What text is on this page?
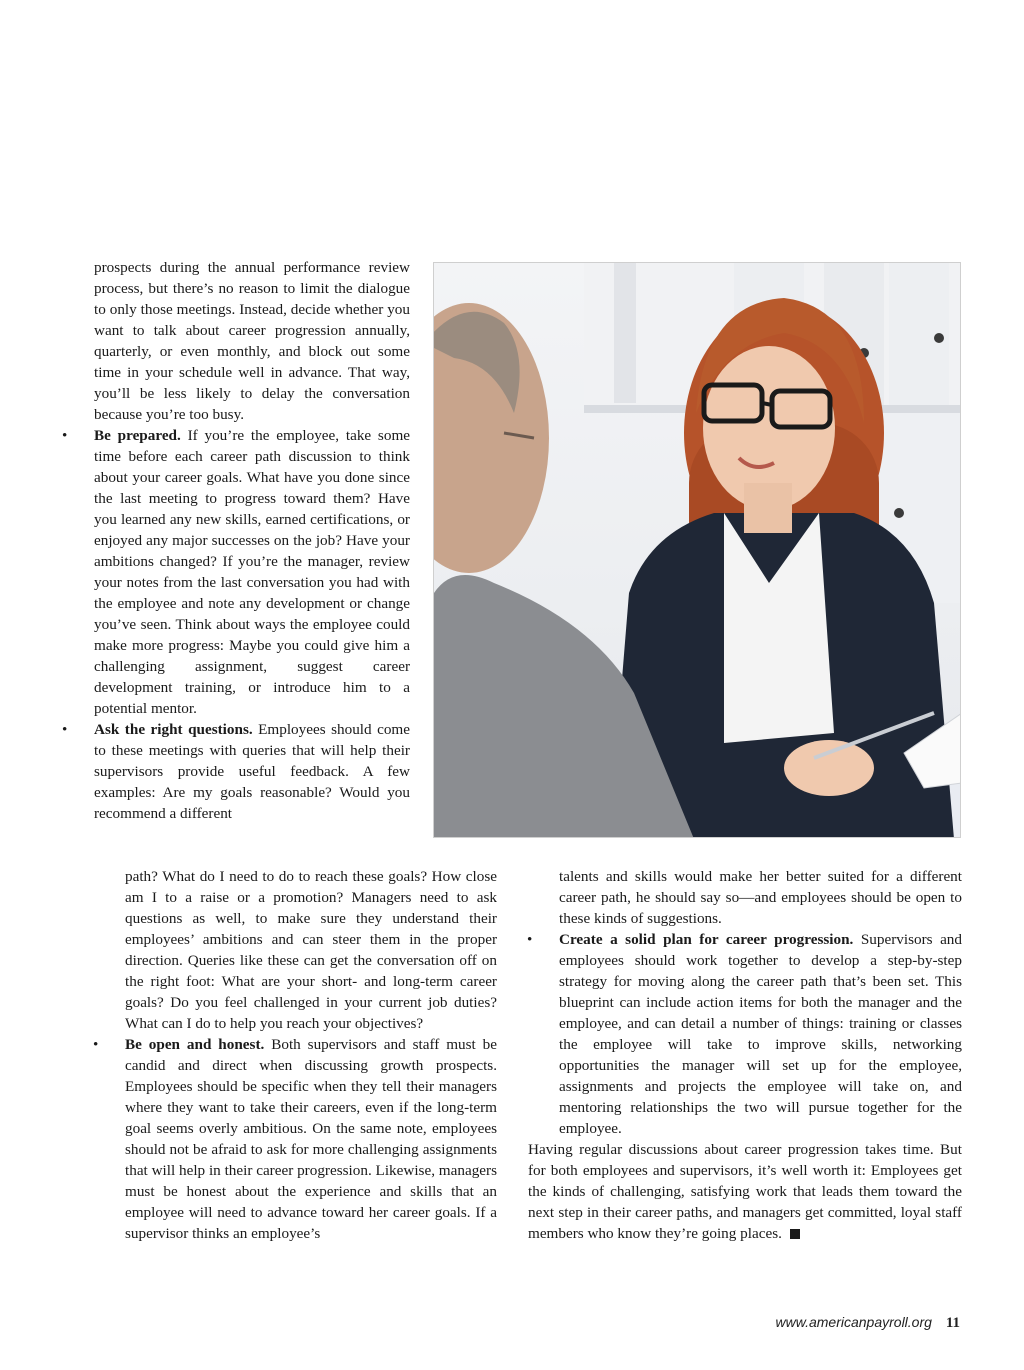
prospects during the annual performance review process, but there’s no reason to limit the dialogue to only those meetings. Instead, decide whether you want to talk about career progression annually, quarterly, or even monthly, and block out some time in your schedule well in advance. That way, you’ll be less likely to delay the conversation because you’re too busy.

• Be prepared. If you’re the employee, take some time before each career path discussion to think about your career goals. What have you done since the last meeting to progress toward them? Have you learned any new skills, earned certifications, or enjoyed any major successes on the job? Have your ambitions changed? If you’re the manager, review your notes from the last conversation you had with the employee and note any development or change you’ve seen. Think about ways the employee could make more progress: Maybe you could give him a challenging assignment, suggest career development training, or introduce him to a potential mentor.

• Ask the right questions. Employees should come to these meetings with queries that will help their supervisors provide useful feedback. A few examples: Are my goals reasonable? Would you recommend a different

path? What do I need to do to reach these goals? How close am I to a raise or a promotion? Managers need to ask questions as well, to make sure they understand their employees’ ambitions and can steer them in the proper direction. Queries like these can get the conversation off on the right foot: What are your short- and long-term career goals? Do you feel challenged in your current job duties? What can I do to help you reach your objectives?

• Be open and honest. Both supervisors and staff must be candid and direct when discussing growth prospects. Employees should be specific when they tell their managers where they want to take their careers, even if the long-term goal seems overly ambitious. On the same note, employees should not be afraid to ask for more challenging assignments that will help in their career progression. Likewise, managers must be honest about the experience and skills that an employee will need to advance toward her career goals. If a supervisor thinks an employee’s

talents and skills would make her better suited for a different career path, he should say so—and employees should be open to these kinds of suggestions.

• Create a solid plan for career progression. Supervisors and employees should work together to develop a step-by-step strategy for moving along the career path that’s been set. This blueprint can include action items for both the manager and the employee, and can detail a number of things: training or classes the employee will take to improve skills, networking opportunities the manager will set up for the employee, assignments and projects the employee will take on, and mentoring relationships the two will pursue together for the employee.

Having regular discussions about career progression takes time. But for both employees and supervisors, it’s well worth it: Employees get the kinds of challenging, satisfying work that leads them toward the next step in their career paths, and managers get committed, loyal staff members who know they’re going places.

www.americanpayroll.org 11
